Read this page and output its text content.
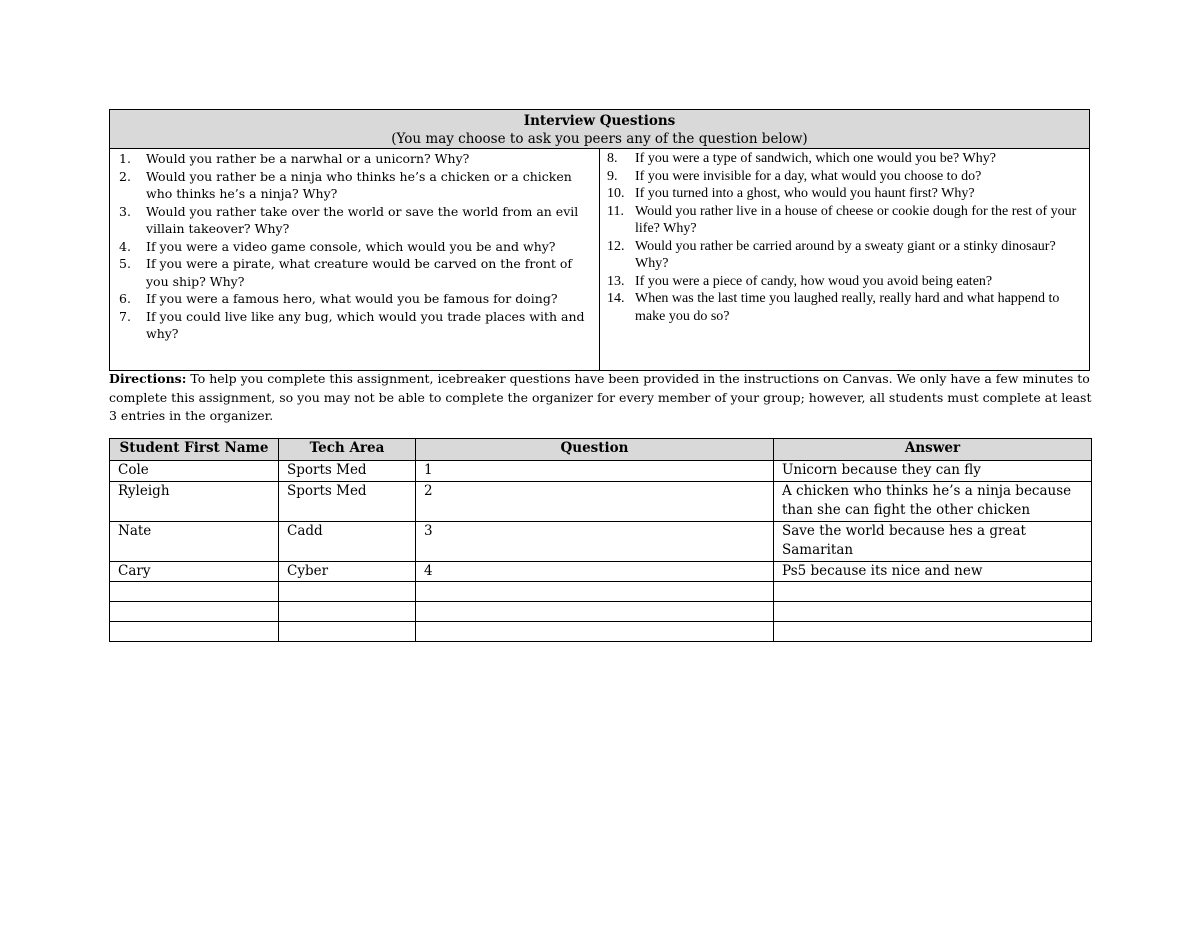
Interview Questions
(You may choose to ask you peers any of the question below)
1.	Would you rather be a narwhal or a unicorn? Why?
2.	Would you rather be a ninja who thinks he’s a chicken or a chicken who thinks he’s a ninja? Why?
3.	Would you rather take over the world or save the world from an evil villain takeover? Why?
4.	If you were a video game console, which would you be and why?
5.	If you were a pirate, what creature would be carved on the front of you ship? Why?
6.	If you were a famous hero, what would you be famous for doing?
7.	If you could live like any bug, which would you trade places with and why?
8.	If you were a type of sandwich, which one would you be? Why?
9.	If you were invisible for a day, what would you choose to do?
10. If you turned into a ghost, who would you haunt first? Why?
11. Would you rather live in a house of cheese or cookie dough for the rest of your life? Why?
12. Would you rather be carried around by a sweaty giant or a stinky dinosaur? Why?
13. If you were a piece of candy, how woud you avoid being eaten?
14. When was the last time you laughed really, really hard and what happend to make you do so?
Directions: To help you complete this assignment, icebreaker questions have been provided in the instructions on Canvas. We only have a few minutes to complete this assignment, so you may not be able to complete the organizer for every member of your group; however, all students must complete at least 3 entries in the organizer.
Student First Name	Tech Area	Question	Answer
Cole	Sports Med	1	Unicorn because they can fly
Ryleigh	Sports Med	2	A chicken who thinks he’s a ninja because than she can fight the other chicken
Nate	Cadd	3	Save the world because hes a great Samaritan
Cary	Cyber	4	Ps5 because its nice and new
